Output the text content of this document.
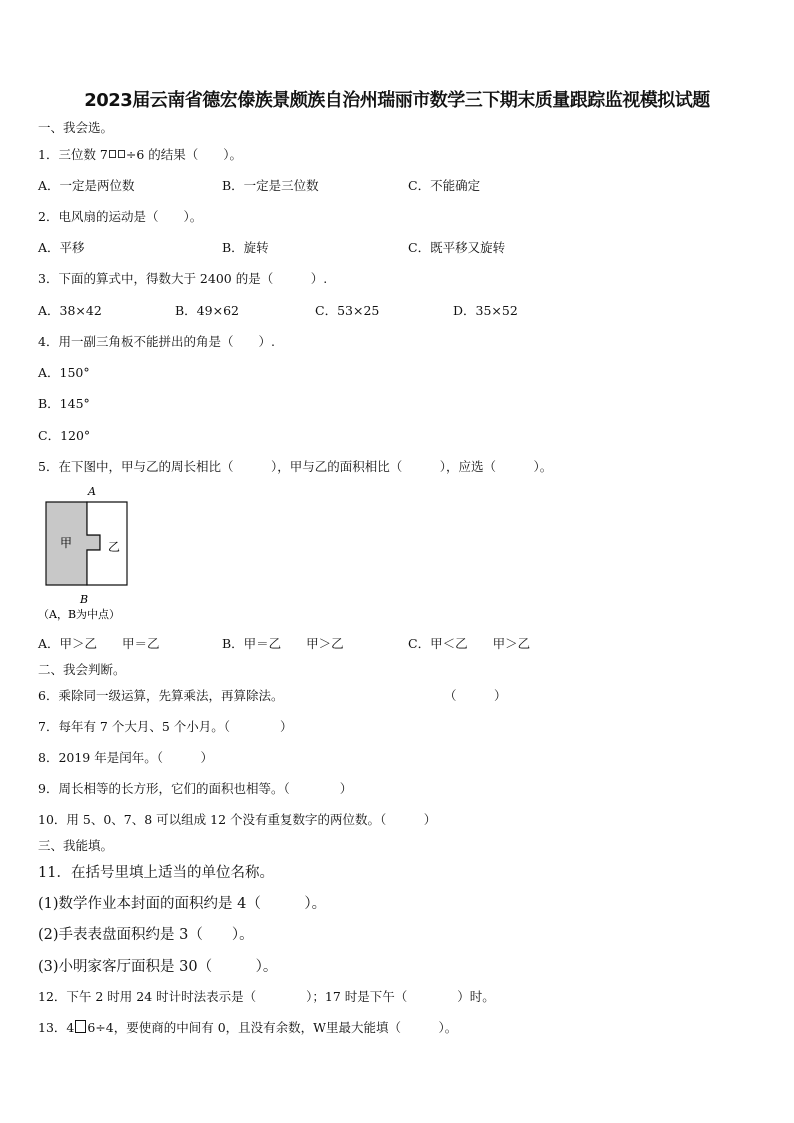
2023届云南省德宏傣族景颇族自治州瑞丽市数学三下期末质量跟踪监视模拟试题
一、我会选。
1．三位数 7 ÷6 的结果（　　）。
A．一定是两位数	B．一定是三位数	C．不能确定
2．电风扇的运动是（　　）。
A．平移	B．旋转	C．既平移又旋转
3．下面的算式中，得数大于 2400 的是（　　　）.
A．38×42	B．49×62	C．53×25	D．35×52
4．用一副三角板不能拼出的角是（　　）.
A．150°
B．145°
C．120°
5．在下图中，甲与乙的周长相比（　　　），甲与乙的面积相比（　　　），应选（　　　）。
A
甲	乙
B
（A，B为中点）
A．甲＞乙　　甲＝乙	B．甲＝乙　　甲＞乙	C．甲＜乙　　甲＞乙
二、我会判断。
6．乘除同一级运算，先算乘法，再算除法。	（　　　）
7．每年有 7 个大月、5 个小月。（　　　　）
8．2019 年是闰年。（　　　）
9．周长相等的长方形，它们的面积也相等。（　　　　）
10．用 5、0、7、8 可以组成 12 个没有重复数字的两位数。（　　　）
三、我能填。
11．在括号里填上适当的单位名称。
(1)数学作业本封面的面积约是 4（　　　）。
(2)手表表盘面积约是 3（　　）。
(3)小明家客厅面积是 30（　　　）。
12．下午 2 时用 24 时计时法表示是（　　　　）；17 时是下午（　　　　）时。
13．4 6÷4，要使商的中间有 0，且没有余数，W里最大能填（　　　）。
